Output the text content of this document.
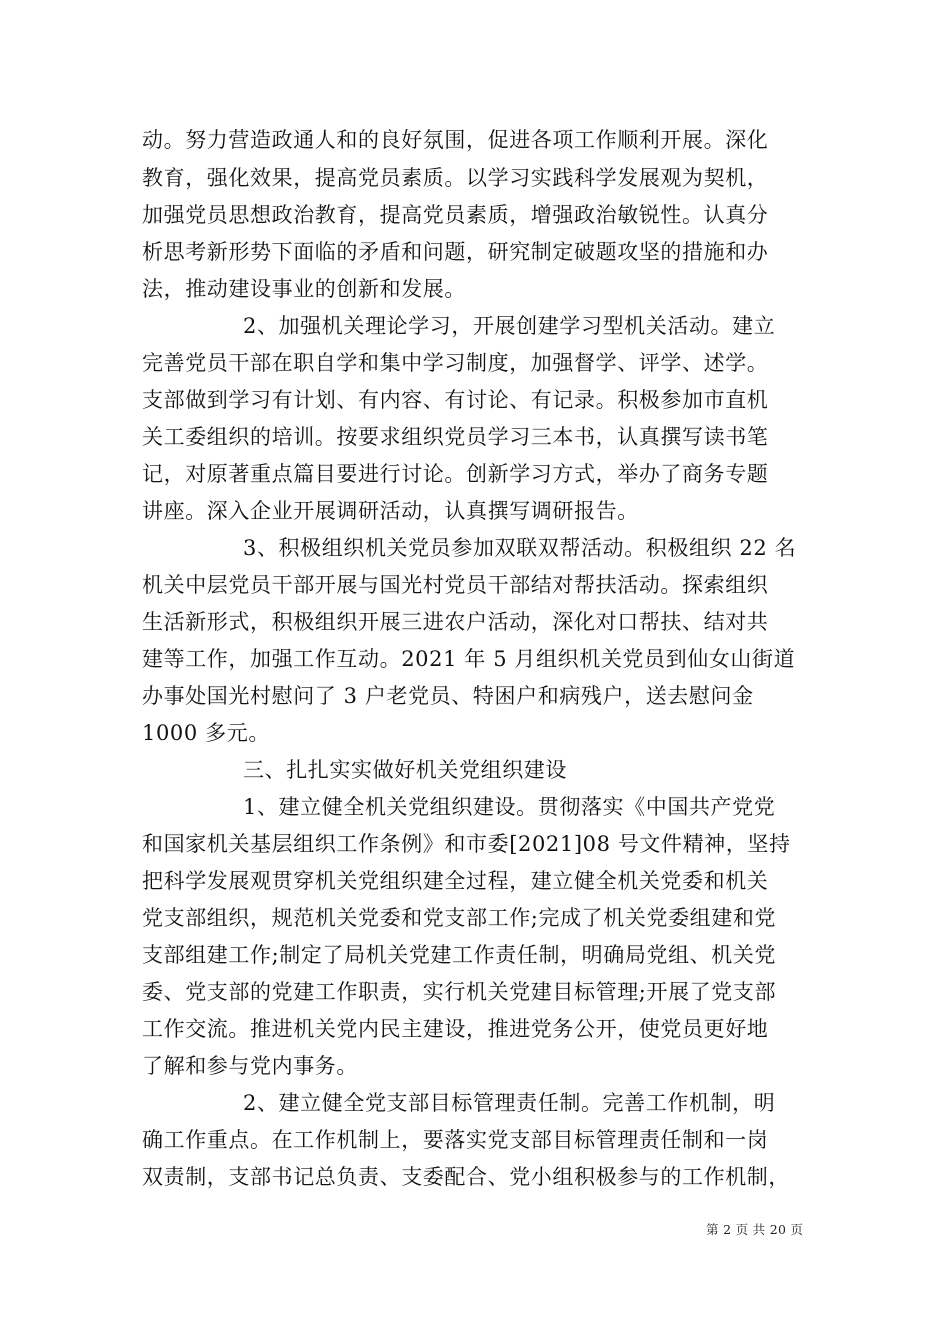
动。努力营造政通人和的良好氛围，促进各项工作顺利开展。深化
教育，强化效果，提高党员素质。以学习实践科学发展观为契机，
加强党员思想政治教育，提高党员素质，增强政治敏锐性。认真分
析思考新形势下面临的矛盾和问题，研究制定破题攻坚的措施和办
法，推动建设事业的创新和发展。
2、加强机关理论学习，开展创建学习型机关活动。建立
完善党员干部在职自学和集中学习制度，加强督学、评学、述学。
支部做到学习有计划、有内容、有讨论、有记录。积极参加市直机
关工委组织的培训。按要求组织党员学习三本书，认真撰写读书笔
记，对原著重点篇目要进行讨论。创新学习方式，举办了商务专题
讲座。深入企业开展调研活动，认真撰写调研报告。
3、积极组织机关党员参加双联双帮活动。积极组织 22 名
机关中层党员干部开展与国光村党员干部结对帮扶活动。探索组织
生活新形式，积极组织开展三进农户活动，深化对口帮扶、结对共
建等工作，加强工作互动。2021 年 5 月组织机关党员到仙女山街道
办事处国光村慰问了 3 户老党员、特困户和病残户，送去慰问金
1000 多元。
三、扎扎实实做好机关党组织建设
1、建立健全机关党组织建设。贯彻落实《中国共产党党
和国家机关基层组织工作条例》和市委[2021]08 号文件精神，坚持
把科学发展观贯穿机关党组织建全过程，建立健全机关党委和机关
党支部组织，规范机关党委和党支部工作;完成了机关党委组建和党
支部组建工作;制定了局机关党建工作责任制，明确局党组、机关党
委、党支部的党建工作职责，实行机关党建目标管理;开展了党支部
工作交流。推进机关党内民主建设，推进党务公开，使党员更好地
了解和参与党内事务。
2、建立健全党支部目标管理责任制。完善工作机制，明
确工作重点。在工作机制上，要落实党支部目标管理责任制和一岗
双责制，支部书记总负责、支委配合、党小组积极参与的工作机制，
第 2 页 共 20 页
